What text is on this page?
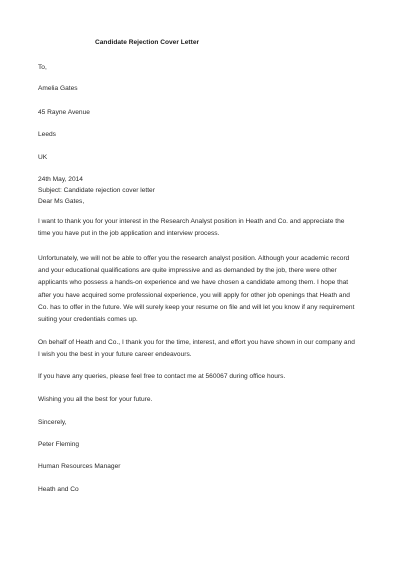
Candidate Rejection Cover Letter
To,
Amelia Gates
45 Rayne Avenue
Leeds
UK
24th May, 2014
Subject: Candidate rejection cover letter
Dear Ms Gates,
I want to thank you for your interest in the Research Analyst position in Heath and Co. and appreciate the
time you have put in the job application and interview process.
Unfortunately, we will not be able to offer you the research analyst position. Although your academic record
and your educational qualifications are quite impressive and as demanded by the job, there were other
applicants who possess a hands-on experience and we have chosen a candidate among them. I hope that
after you have acquired some professional experience, you will apply for other job openings that Heath and
Co. has to offer in the future. We will surely keep your resume on file and will let you know if any requirement
suiting your credentials comes up.
On behalf of Heath and Co., I thank you for the time, interest, and effort you have shown in our company and
I wish you the best in your future career endeavours.
If you have any queries, please feel free to contact me at 560067 during office hours.
Wishing you all the best for your future.
Sincerely,
Peter Fleming
Human Resources Manager
Heath and Co
